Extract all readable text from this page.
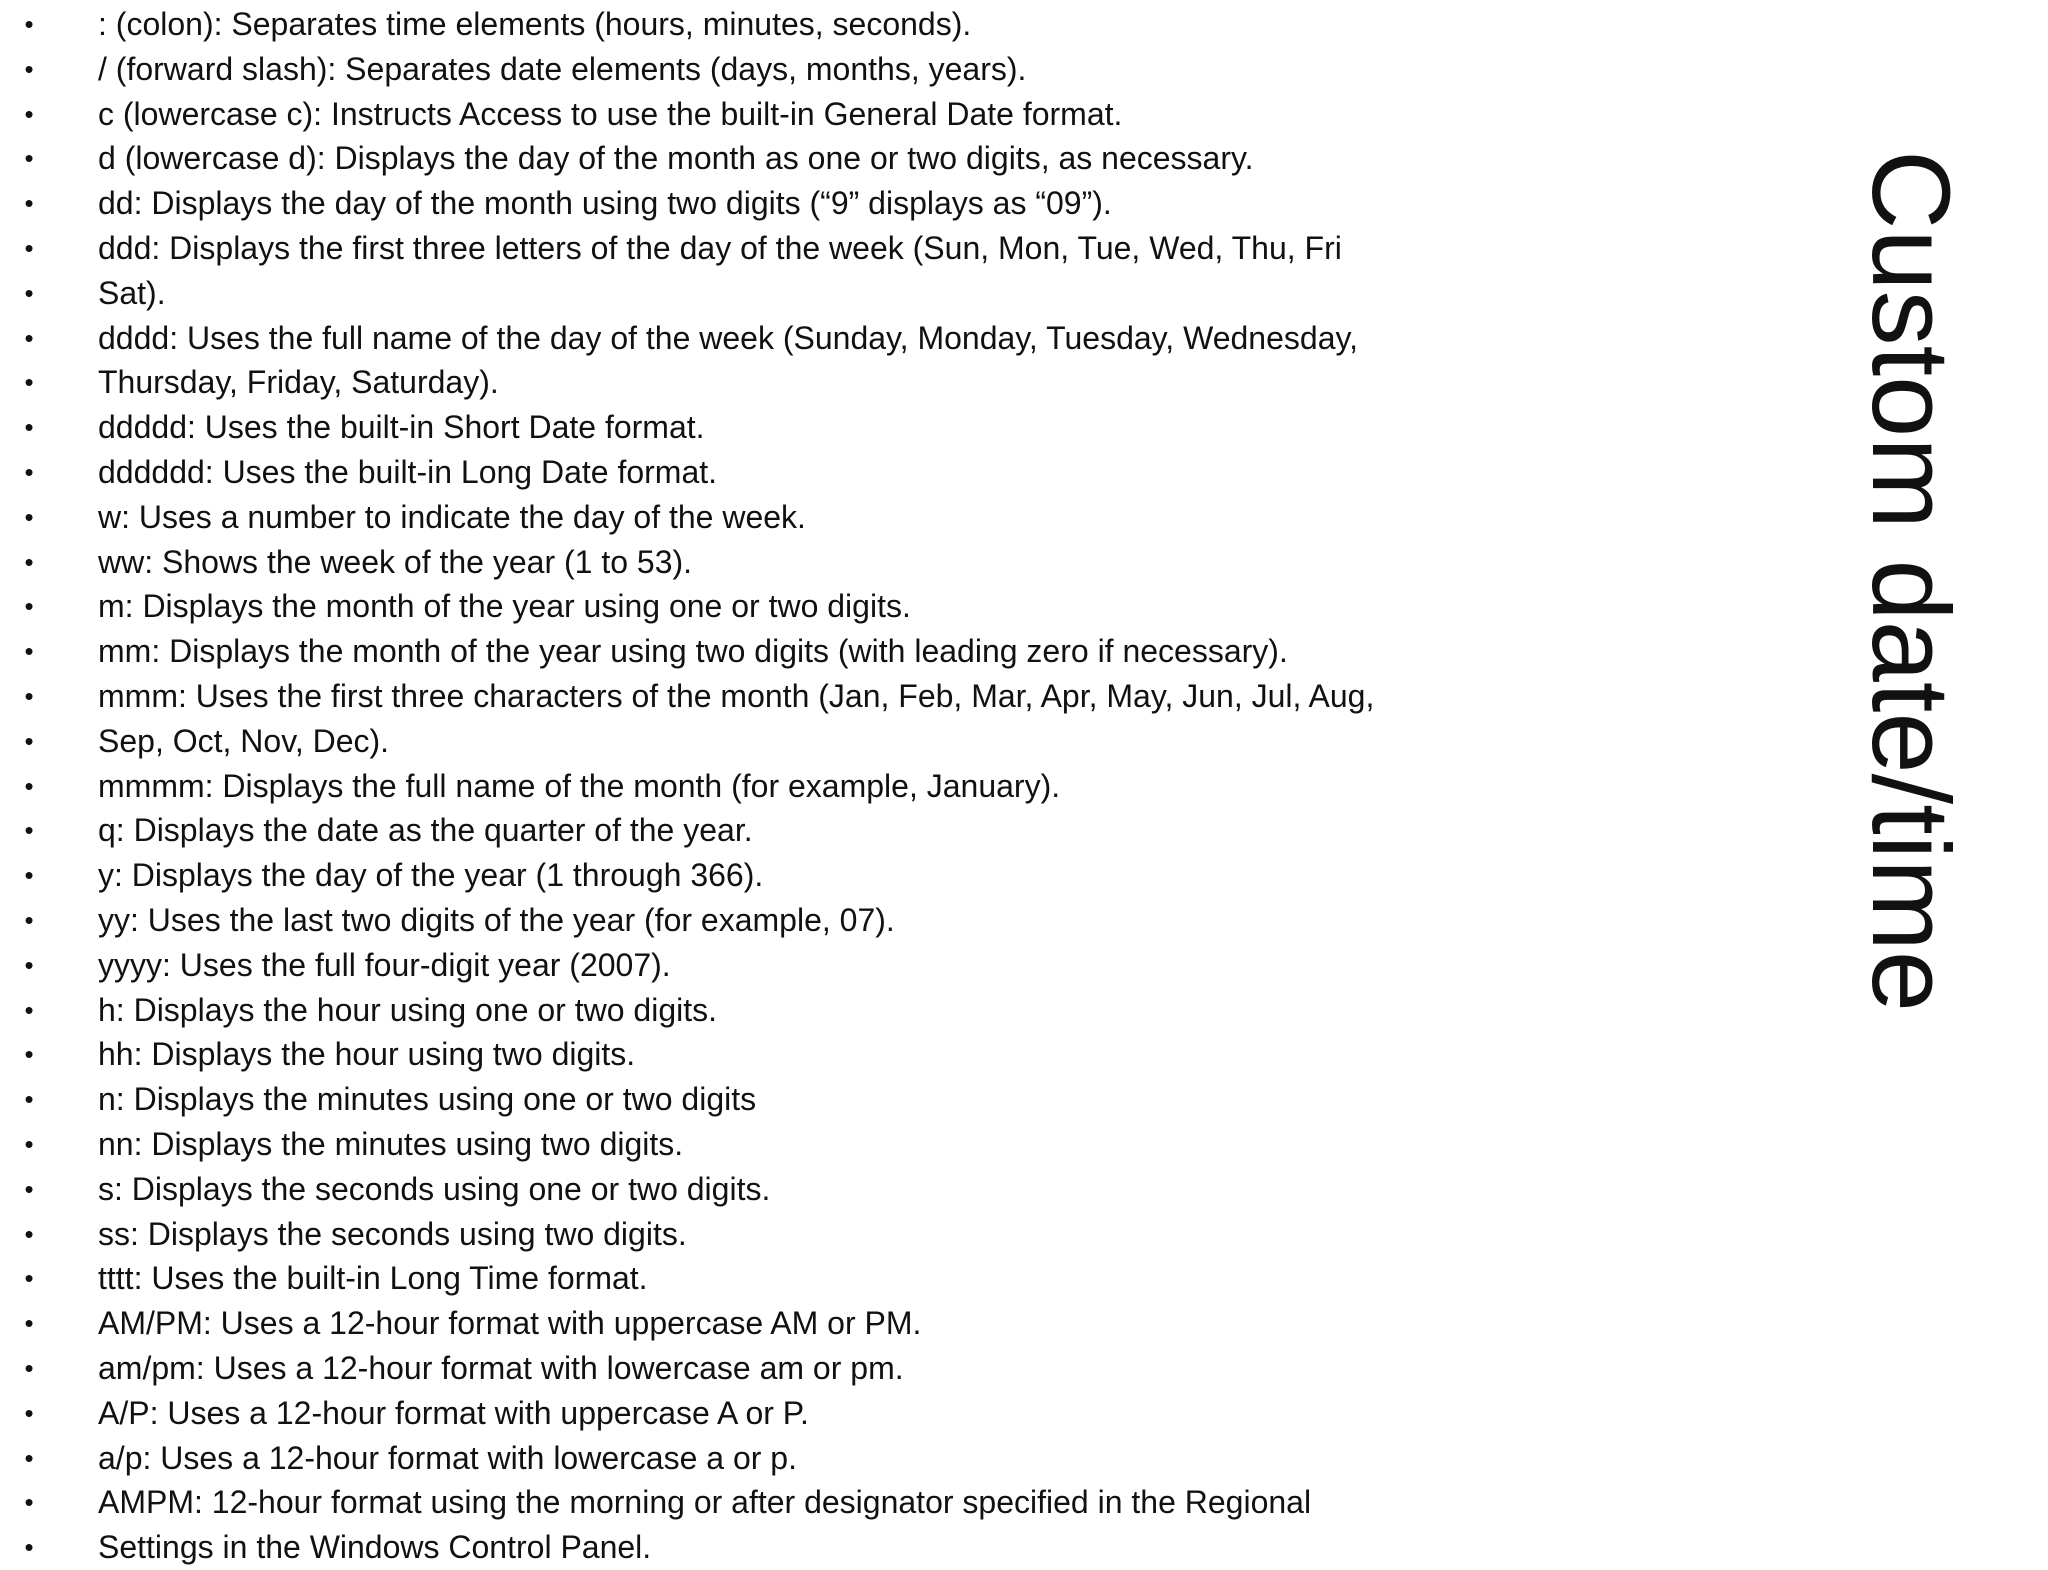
• : (colon): Separates time elements (hours, minutes, seconds).
• / (forward slash): Separates date elements (days, months, years).
• c (lowercase c): Instructs Access to use the built-in General Date format.
• d (lowercase d): Displays the day of the month as one or two digits, as necessary.
• dd: Displays the day of the month using two digits (“9” displays as “09”).
• ddd: Displays the first three letters of the day of the week (Sun, Mon, Tue, Wed, Thu, Fri
• Sat).
• dddd: Uses the full name of the day of the week (Sunday, Monday, Tuesday, Wednesday,
• Thursday, Friday, Saturday).
• ddddd: Uses the built-in Short Date format.
• dddddd: Uses the built-in Long Date format.
• w: Uses a number to indicate the day of the week.
• ww: Shows the week of the year (1 to 53).
• m: Displays the month of the year using one or two digits.
• mm: Displays the month of the year using two digits (with leading zero if necessary).
• mmm: Uses the first three characters of the month (Jan, Feb, Mar, Apr, May, Jun, Jul, Aug,
• Sep, Oct, Nov, Dec).
• mmmm: Displays the full name of the month (for example, January).
• q: Displays the date as the quarter of the year.
• y: Displays the day of the year (1 through 366).
• yy: Uses the last two digits of the year (for example, 07).
• yyyy: Uses the full four-digit year (2007).
• h: Displays the hour using one or two digits.
• hh: Displays the hour using two digits.
• n: Displays the minutes using one or two digits
• nn: Displays the minutes using two digits.
• s: Displays the seconds using one or two digits.
• ss: Displays the seconds using two digits.
• tttt: Uses the built-in Long Time format.
• AM/PM: Uses a 12-hour format with uppercase AM or PM.
• am/pm: Uses a 12-hour format with lowercase am or pm.
• A/P: Uses a 12-hour format with uppercase A or P.
• a/p: Uses a 12-hour format with lowercase a or p.
• AMPM: 12-hour format using the morning or after designator specified in the Regional
• Settings in the Windows Control Panel.
Custom date/time
